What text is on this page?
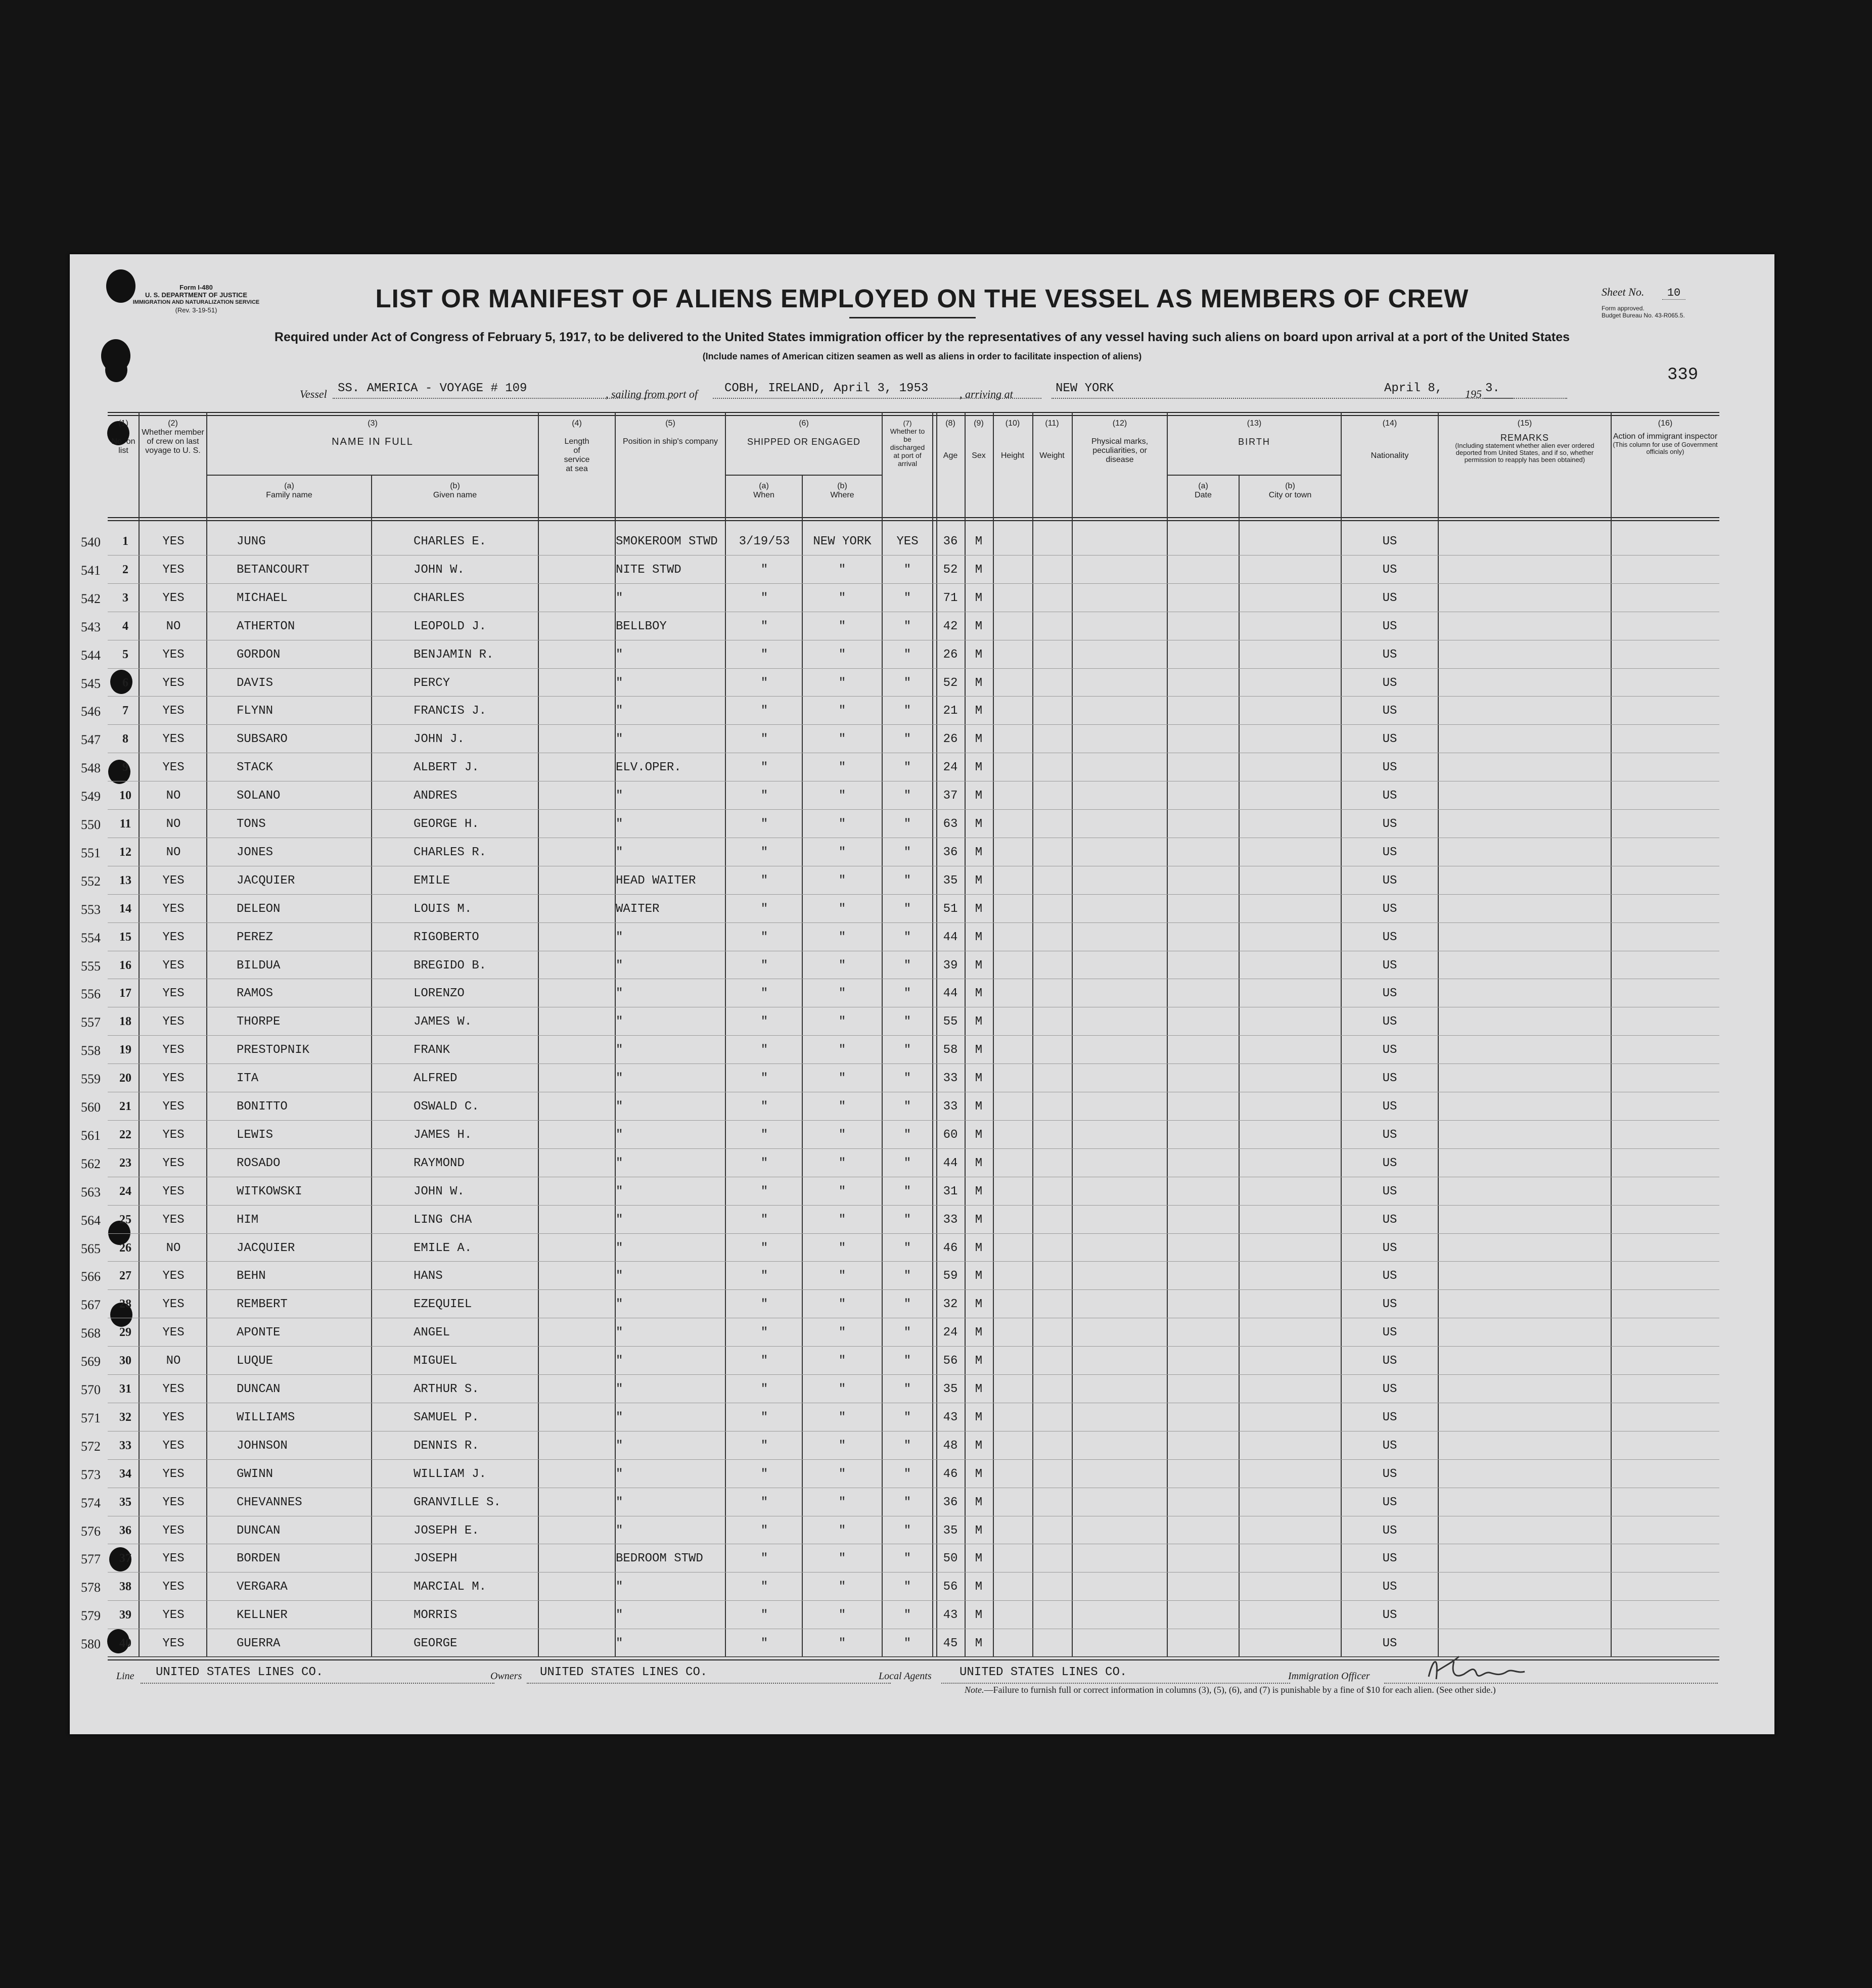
Form I-480
U. S. DEPARTMENT OF JUSTICE
IMMIGRATION AND NATURALIZATION SERVICE
(Rev. 3-19-51)	LIST OR MANIFEST OF ALIENS EMPLOYED ON THE VESSEL AS MEMBERS OF CREW
Required under Act of Congress of February 5, 1917, to be delivered to the United States immigration officer by the representatives of any vessel having such aliens on board upon arrival at a port of the United States
(Include names of American citizen seamen as well as aliens in order to facilitate inspection of aliens)
Sheet No. 10
Form approved.
Budget Bureau No. 43-R065.5.
339
Vessel SS. AMERICA - VOYAGE # 109	, sailing from port of COBH, IRELAND, April 3, 1953	, arriving at	NEW YORK	April 8, 195 3.
(1)
No. on list
(2)
Whether member of crew on last voyage to U. S.
(3)
NAME IN FULL
(a)
Family name
(b)
Given name
(4)
Length of service at sea
(5)
Position in ship's company
(6)
SHIPPED OR ENGAGED
(a)
When
(b)
Where
(7)
Whether to be discharged at port of arrival
(8)
Age
(9)
Sex
(10)
Height
(11)
Weight
(12)
Physical marks, peculiarities, or disease
(13)
BIRTH
(a)
Date
(b)
City or town
(14)
Nationality
(15)
REMARKS
(Including statement whether alien ever ordered deported from United States, and if so, whether permission to reapply has been obtained)
(16)
Action of immigrant inspector
(This column for use of Government officials only)
540	1	YES	JUNG	CHARLES E.	SMOKEROOM STWD	3/19/53	NEW YORK	YES	36	M	US
541	2	YES	BETANCOURT	JOHN W.	NITE STWD	"	"	"	52	M	US
542	3	YES	MICHAEL	CHARLES	"	"	"	"	71	M	US
543	4	NO	ATHERTON	LEOPOLD J.	BELLBOY	"	"	"	42	M	US
544	5	YES	GORDON	BENJAMIN R.	"	"	"	"	26	M	US
545	6	YES	DAVIS	PERCY	"	"	"	"	52	M	US
546	7	YES	FLYNN	FRANCIS J.	"	"	"	"	21	M	US
547	8	YES	SUBSARO	JOHN J.	"	"	"	"	26	M	US
548	9	YES	STACK	ALBERT J.	ELV.OPER.	"	"	"	24	M	US
549	10	NO	SOLANO	ANDRES	"	"	"	"	37	M	US
550	11	NO	TONS	GEORGE H.	"	"	"	"	63	M	US
551	12	NO	JONES	CHARLES R.	"	"	"	"	36	M	US
552	13	YES	JACQUIER	EMILE	HEAD WAITER	"	"	"	35	M	US
553	14	YES	DELEON	LOUIS M.	WAITER	"	"	"	51	M	US
554	15	YES	PEREZ	RIGOBERTO	"	"	"	"	44	M	US
555	16	YES	BILDUA	BREGIDO B.	"	"	"	"	39	M	US
556	17	YES	RAMOS	LORENZO	"	"	"	"	44	M	US
557	18	YES	THORPE	JAMES W.	"	"	"	"	55	M	US
558	19	YES	PRESTOPNIK	FRANK	"	"	"	"	58	M	US
559	20	YES	ITA	ALFRED	"	"	"	"	33	M	US
560	21	YES	BONITTO	OSWALD C.	"	"	"	"	33	M	US
561	22	YES	LEWIS	JAMES H.	"	"	"	"	60	M	US
562	23	YES	ROSADO	RAYMOND	"	"	"	"	44	M	US
563	24	YES	WITKOWSKI	JOHN W.	"	"	"	"	31	M	US
564	25	YES	HIM	LING CHA	"	"	"	"	33	M	US
565	26	NO	JACQUIER	EMILE A.	"	"	"	"	46	M	US
566	27	YES	BEHN	HANS	"	"	"	"	59	M	US
567	28	YES	REMBERT	EZEQUIEL	"	"	"	"	32	M	US
568	29	YES	APONTE	ANGEL	"	"	"	"	24	M	US
569	30	NO	LUQUE	MIGUEL	"	"	"	"	56	M	US
570	31	YES	DUNCAN	ARTHUR S.	"	"	"	"	35	M	US
571	32	YES	WILLIAMS	SAMUEL P.	"	"	"	"	43	M	US
572	33	YES	JOHNSON	DENNIS R.	"	"	"	"	48	M	US
573	34	YES	GWINN	WILLIAM J.	"	"	"	"	46	M	US
574	35	YES	CHEVANNES	GRANVILLE S.	"	"	"	"	36	M	US
576	36	YES	DUNCAN	JOSEPH E.	"	"	"	"	35	M	US
577	37	YES	BORDEN	JOSEPH	BEDROOM STWD	"	"	"	50	M	US
578	38	YES	VERGARA	MARCIAL M.	"	"	"	"	56	M	US
579	39	YES	KELLNER	MORRIS	"	"	"	"	43	M	US
580	40	YES	GUERRA	GEORGE	"	"	"	"	45	M	US
Line UNITED STATES LINES CO.	Owners UNITED STATES LINES CO.	Local Agents UNITED STATES LINES CO.	Immigration Officer
Note.—Failure to furnish full or correct information in columns (3), (5), (6), and (7) is punishable by a fine of $10 for each alien. (See other side.)
